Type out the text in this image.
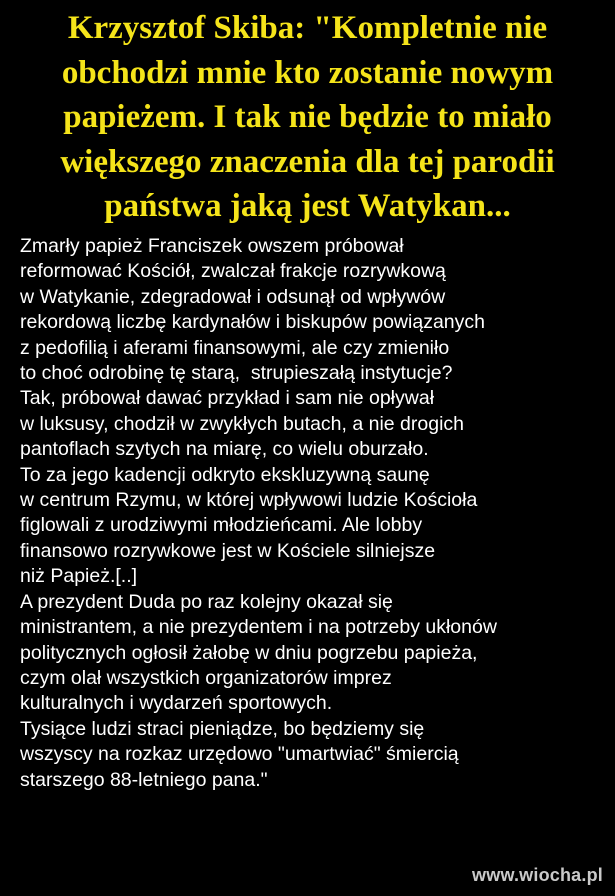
Krzysztof Skiba: "Kompletnie nie
obchodzi mnie kto zostanie nowym
papieżem. I tak nie będzie to miało
większego znaczenia dla tej parodii
państwa jaką jest Watykan...
Zmarły papież Franciszek owszem próbował
reformować Kościół, zwalczał frakcje rozrywkową
w Watykanie, zdegradował i odsunął od wpływów
rekordową liczbę kardynałów i biskupów powiązanych
z pedofilią i aferami finansowymi, ale czy zmieniło
to choć odrobinę tę starą,  strupieszałą instytucje?
Tak, próbował dawać przykład i sam nie opływał
w luksusy, chodził w zwykłych butach, a nie drogich
pantoflach szytych na miarę, co wielu oburzało.
To za jego kadencji odkryto ekskluzywną saunę
w centrum Rzymu, w której wpływowi ludzie Kościoła
figlowali z urodziwymi młodzieńcami. Ale lobby
finansowo rozrywkowe jest w Kościele silniejsze
niż Papież.[..]
A prezydent Duda po raz kolejny okazał się
ministrantem, a nie prezydentem i na potrzeby ukłonów
politycznych ogłosił żałobę w dniu pogrzebu papieża,
czym olał wszystkich organizatorów imprez
kulturalnych i wydarzeń sportowych.
Tysiące ludzi straci pieniądze, bo będziemy się
wszyscy na rozkaz urzędowo "umartwiać" śmiercią
starszego 88-letniego pana."
www.wiocha.pl
